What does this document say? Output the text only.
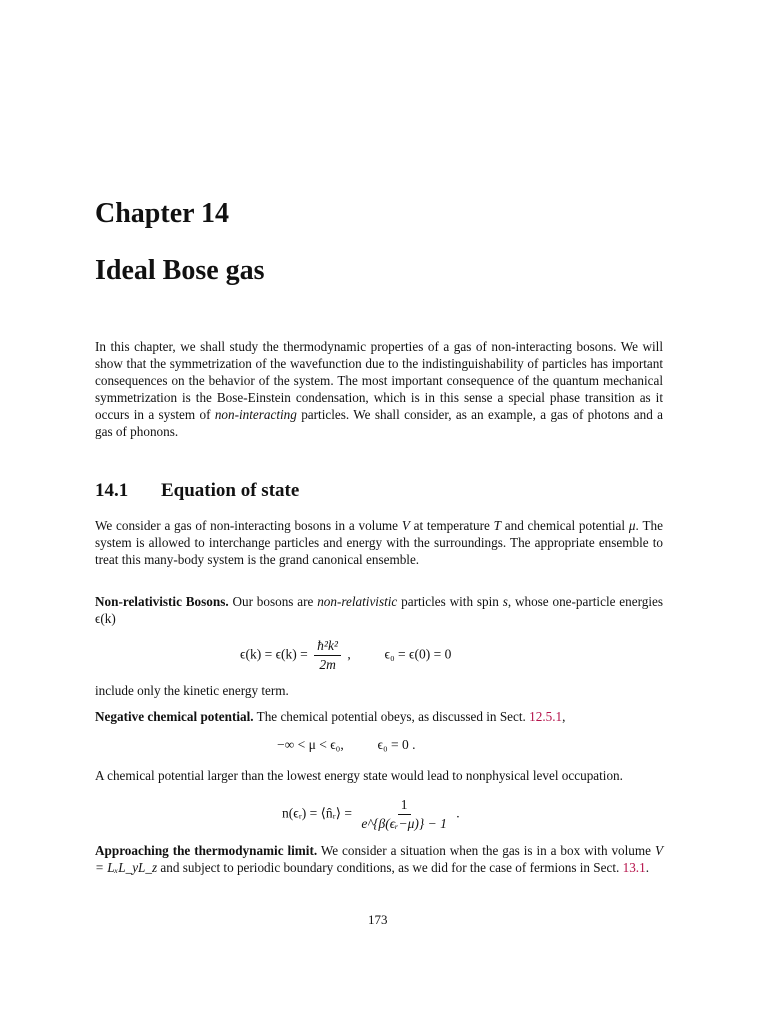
Chapter 14
Ideal Bose gas
In this chapter, we shall study the thermodynamic properties of a gas of non-interacting bosons. We will show that the symmetrization of the wavefunction due to the indistinguishability of particles has important consequences on the behavior of the system. The most important consequence of the quantum mechanical symmetrization is the Bose-Einstein condensation, which is in this sense a special phase transition as it occurs in a system of non-interacting particles. We shall consider, as an example, a gas of photons and a gas of phonons.
14.1 Equation of state
We consider a gas of non-interacting bosons in a volume V at temperature T and chemical potential μ. The system is allowed to interchange particles and energy with the surroundings. The appropriate ensemble to treat this many-body system is the grand canonical ensemble.
Non-relativistic Bosons. Our bosons are non-relativistic particles with spin s, whose one-particle energies ϵ(k)
$\epsilon(k) = \epsilon(k) = \frac{\text{ħ²k²}}{2m}$ ,          ϵ₀ = ϵ(0) = 0
include only the kinetic energy term.
Negative chemical potential. The chemical potential obeys, as discussed in Sect. 12.5.1,
−∞ < μ < ϵ₀,          ϵ₀ = 0 .
A chemical potential larger than the lowest energy state would lead to nonphysical level occupation.
n(ϵᵣ) = ⟨n̂ᵣ⟩ = $\frac{1}{\text{e\textasciicircum{}\{β(ϵᵣ−μ)\} − 1}}$ .
Approaching the thermodynamic limit. We consider a situation when the gas is in a box with volume V = LₓL_yL_z and subject to periodic boundary conditions, as we did for the case of fermions in Sect. 13.1.
173
